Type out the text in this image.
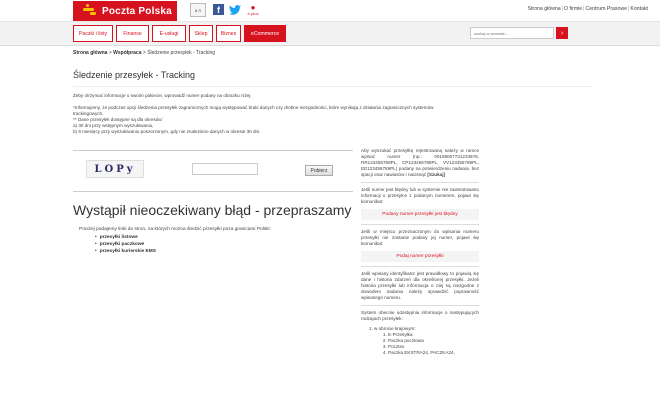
Poczta Polska	a A	f	●
e-plus
Strona główna|O firmie|Centrum Prasowe|Kontakt
Paczki i listy	Finanse	E-usługi	Sklep	Biznes	eCommerce
szukaj w serwisie...	›
Strona główna > Współpraca > Śledzenie przesyłek - Tracking
Śledzenie przesyłek - Tracking

Żeby otrzymać informacje o swoim pakiecie, wprowadź numer podany na obrazku niżej

*Informujemy, że podczas opcji śledzenia przesyłek zagranicznych mogą występować braki danych czy drobne niezgodności, które wynikają z działania zagranicznych systemów trackingowych.

** Dane przesyłek dostępne są dla okresów:

a) 30 dni przy wstępnym wyszukiwaniu,

b) 9 miesięcy przy wyszukiwaniu poszerzonym, gdy nie znaleziono danych w okresie 30 dni.

LOPy	Pobierz
Wystąpił nieoczekiwany błąd - przepraszamy
Poniżej podajemy linki do stron, na których można śledzić przesyłki poza granicami Polski:
• przesyłki listowe
• przesyłki paczkowe
• przesyłki kurierskie EMS

Aby wyszukać przesyłkę rejestrowaną należy w ramce wpisać numer (np.: 00159007731234678, RR123456789PL, CP123456789PL, VV123456789PL, EE123456789PL) podany na potwierdzeniu nadania, bez spacji oraz nawiasów i nacisnąć [Szukaj]

Jeśli numer jest błędny lub w systemie nie zaiestotowano informacji o przesyłce z podanym numerem, pojawi się komunikat:

Podany numer przesyłki jest błędny

Jeśli w miejscu przeznaczonym do wpisania numeru przesyłki nie zostanie podany jej numer, pojawi się komunikat:

Podaj numer przesyłki

Jeśli wpisany identyfikator jest prawidłowy to pojawią się dane i historia zdarzeń dla określonej przesyłki. Jeżeli historia przesyłki lub informacja o niej są niezgodne z dowodem nadania należy sprawdzić poprawność wpisanego numeru.

System obecnie udostępnia informacje o następujących rodzajach przesyłek:

1. w obrocie krajowym:
1. E-Przesyłka
2. Paczka pocztowa
3. Pocztex
4. Paczka EKSTRA24, PACZKA24,
